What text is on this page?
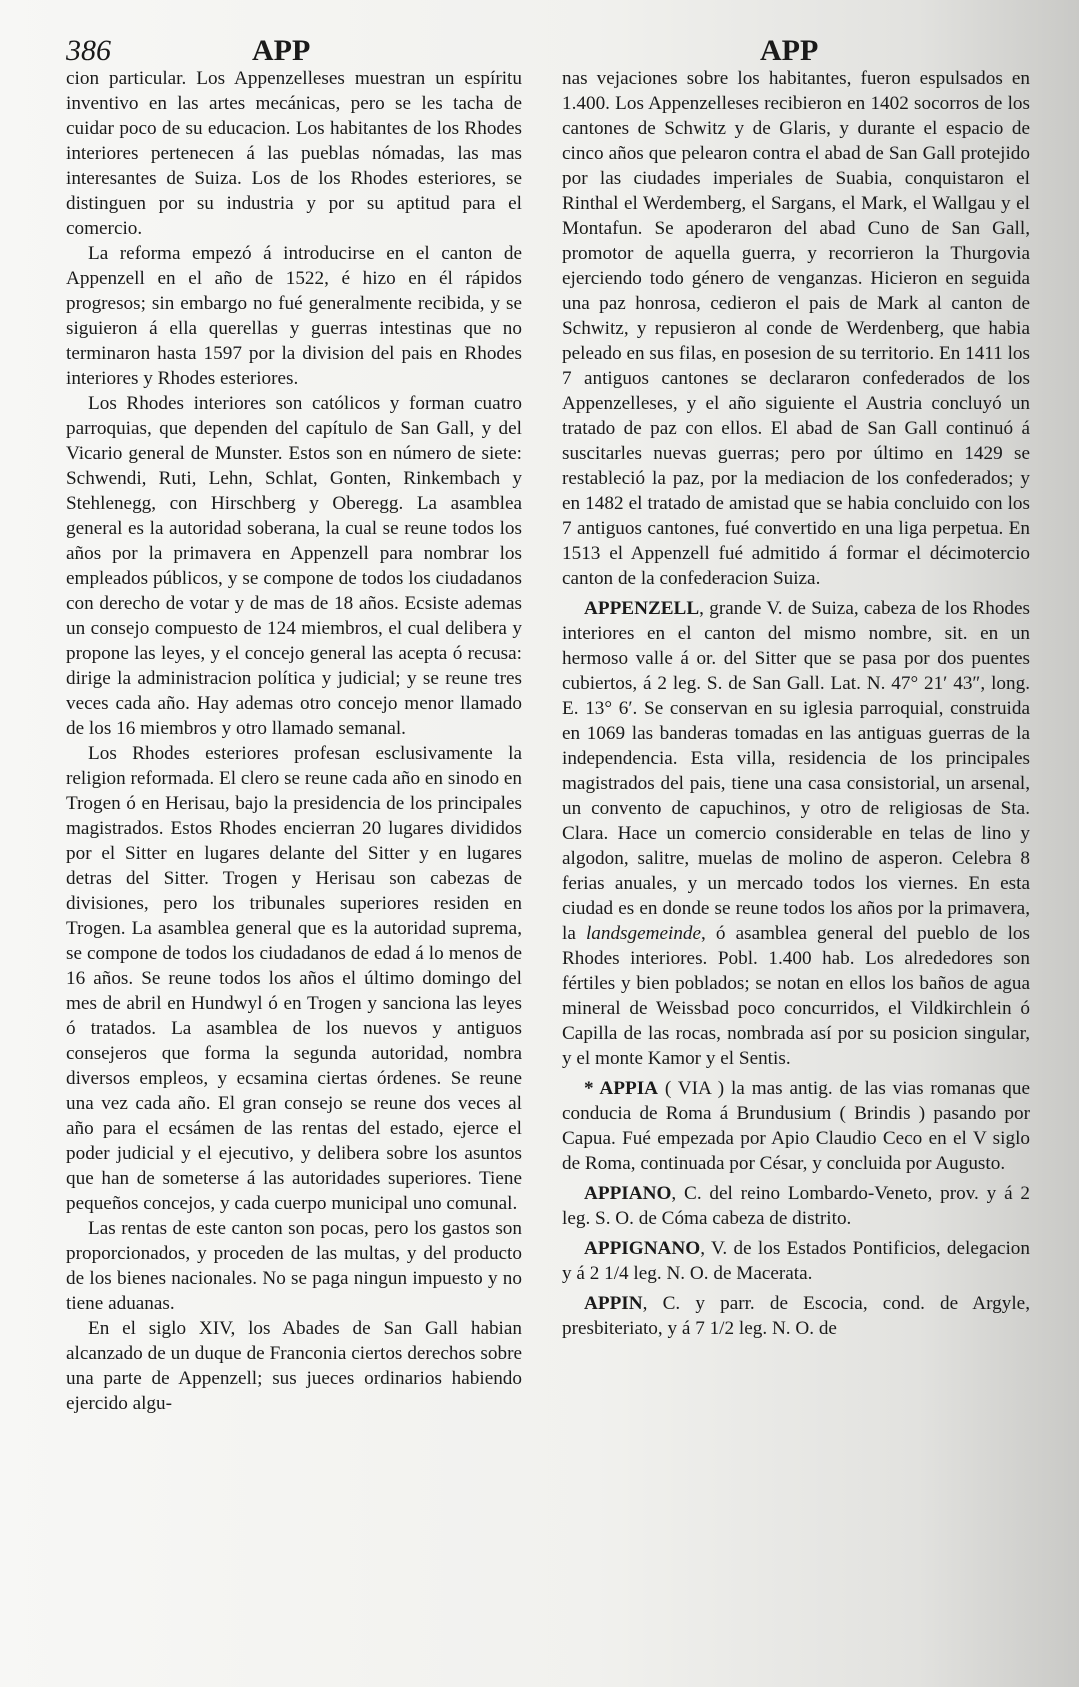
386	APP	APP

cion particular. Los Appenzelleses muestran un espíritu inventivo en las artes mecánicas, pero se les tacha de cuidar poco de su educacion. Los habitantes de los Rhodes interiores pertenecen á las pueblas nómadas, las mas interesantes de Suiza. Los de los Rhodes esteriores, se distinguen por su industria y por su aptitud para el comercio.

La reforma empezó á introducirse en el canton de Appenzell en el año de 1522, é hizo en él rápidos progresos; sin embargo no fué generalmente recibida, y se siguieron á ella querellas y guerras intestinas que no terminaron hasta 1597 por la division del pais en Rhodes interiores y Rhodes esteriores.

Los Rhodes interiores son católicos y forman cuatro parroquias, que dependen del capítulo de San Gall, y del Vicario general de Munster. Estos son en número de siete: Schwendi, Ruti, Lehn, Schlat, Gonten, Rinkembach y Stehlenegg, con Hirschberg y Oberegg. La asamblea general es la autoridad soberana, la cual se reune todos los años por la primavera en Appenzell para nombrar los empleados públicos, y se compone de todos los ciudadanos con derecho de votar y de mas de 18 años. Ecsiste ademas un consejo compuesto de 124 miembros, el cual delibera y propone las leyes, y el concejo general las acepta ó recusa: dirige la administracion política y judicial; y se reune tres veces cada año. Hay ademas otro concejo menor llamado de los 16 miembros y otro llamado semanal.

Los Rhodes esteriores profesan esclusivamente la religion reformada. El clero se reune cada año en sinodo en Trogen ó en Herisau, bajo la presidencia de los principales magistrados. Estos Rhodes encierran 20 lugares divididos por el Sitter en lugares delante del Sitter y en lugares detras del Sitter. Trogen y Herisau son cabezas de divisiones, pero los tribunales superiores residen en Trogen. La asamblea general que es la autoridad suprema, se compone de todos los ciudadanos de edad á lo menos de 16 años. Se reune todos los años el último domingo del mes de abril en Hundwyl ó en Trogen y sanciona las leyes ó tratados. La asamblea de los nuevos y antiguos consejeros que forma la segunda autoridad, nombra diversos empleos, y ecsamina ciertas órdenes. Se reune una vez cada año. El gran consejo se reune dos veces al año para el ecsámen de las rentas del estado, ejerce el poder judicial y el ejecutivo, y delibera sobre los asuntos que han de someterse á las autoridades superiores. Tiene pequeños concejos, y cada cuerpo municipal uno comunal.

Las rentas de este canton son pocas, pero los gastos son proporcionados, y proceden de las multas, y del producto de los bienes nacionales. No se paga ningun impuesto y no tiene aduanas.

En el siglo XIV, los Abades de San Gall habian alcanzado de un duque de Franconia ciertos derechos sobre una parte de Appenzell; sus jueces ordinarios habiendo ejercido algu-

nas vejaciones sobre los habitantes, fueron espulsados en 1.400. Los Appenzelleses recibieron en 1402 socorros de los cantones de Schwitz y de Glaris, y durante el espacio de cinco años que pelearon contra el abad de San Gall protejido por las ciudades imperiales de Suabia, conquistaron el Rinthal el Werdemberg, el Sargans, el Mark, el Wallgau y el Montafun. Se apoderaron del abad Cuno de San Gall, promotor de aquella guerra, y recorrieron la Thurgovia ejerciendo todo género de venganzas. Hicieron en seguida una paz honrosa, cedieron el pais de Mark al canton de Schwitz, y repusieron al conde de Werdenberg, que habia peleado en sus filas, en posesion de su territorio. En 1411 los 7 antiguos cantones se declararon confederados de los Appenzelleses, y el año siguiente el Austria concluyó un tratado de paz con ellos. El abad de San Gall continuó á suscitarles nuevas guerras; pero por último en 1429 se restableció la paz, por la mediacion de los confederados; y en 1482 el tratado de amistad que se habia concluido con los 7 antiguos cantones, fué convertido en una liga perpetua. En 1513 el Appenzell fué admitido á formar el décimotercio canton de la confederacion Suiza.

APPENZELL, grande V. de Suiza, cabeza de los Rhodes interiores en el canton del mismo nombre, sit. en un hermoso valle á or. del Sitter que se pasa por dos puentes cubiertos, á 2 leg. S. de San Gall. Lat. N. 47° 21′ 43″, long. E. 13° 6′. Se conservan en su iglesia parroquial, construida en 1069 las banderas tomadas en las antiguas guerras de la independencia. Esta villa, residencia de los principales magistrados del pais, tiene una casa consistorial, un arsenal, un convento de capuchinos, y otro de religiosas de Sta. Clara. Hace un comercio considerable en telas de lino y algodon, salitre, muelas de molino de asperon. Celebra 8 ferias anuales, y un mercado todos los viernes. En esta ciudad es en donde se reune todos los años por la primavera, la landsgemeinde, ó asamblea general del pueblo de los Rhodes interiores. Pobl. 1.400 hab. Los alrededores son fértiles y bien poblados; se notan en ellos los baños de agua mineral de Weissbad poco concurridos, el Vildkirchlein ó Capilla de las rocas, nombrada así por su posicion singular, y el monte Kamor y el Sentis.

* APPIA ( VIA ) la mas antig. de las vias romanas que conducia de Roma á Brundusium ( Brindis ) pasando por Capua. Fué empezada por Apio Claudio Ceco en el V siglo de Roma, continuada por César, y concluida por Augusto.

APPIANO, C. del reino Lombardo-Veneto, prov. y á 2 leg. S. O. de Cóma cabeza de distrito.

APPIGNANO, V. de los Estados Pontificios, delegacion y á 2 1/4 leg. N. O. de Macerata.

APPIN, C. y parr. de Escocia, cond. de Argyle, presbiteriato, y á 7 1/2 leg. N. O. de
